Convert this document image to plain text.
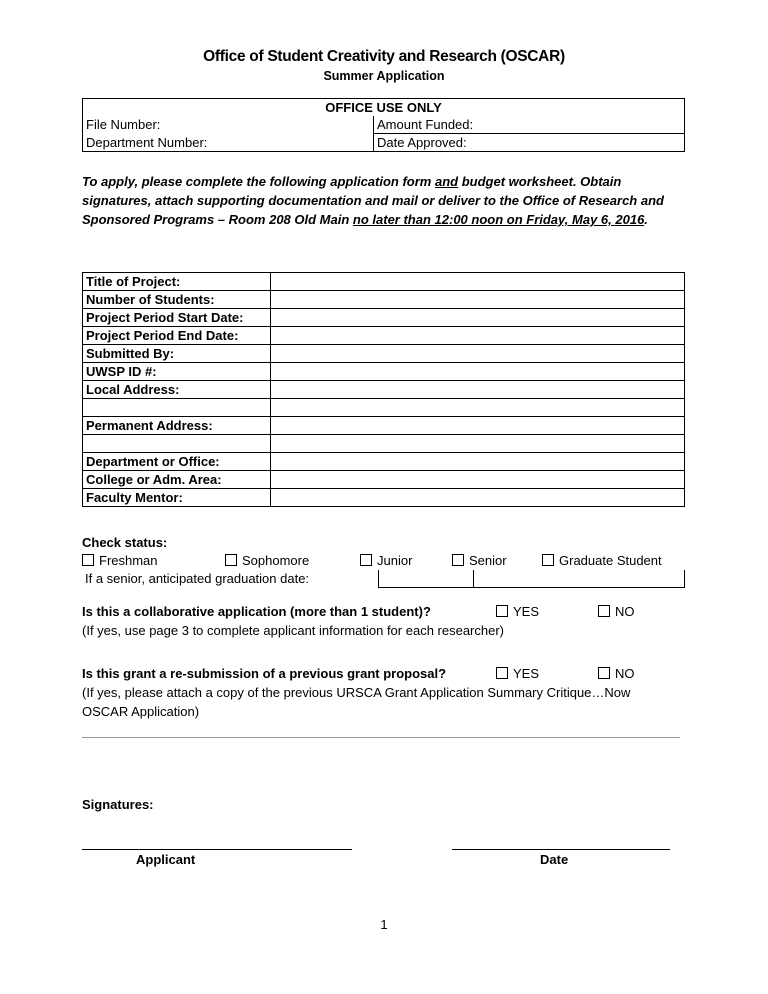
Office of Student Creativity and Research (OSCAR)
Summer Application
OFFICE USE ONLY	
File Number:	Amount Funded:
Department Number:	Date Approved:
To apply, please complete the following application form and budget worksheet. Obtain signatures, attach supporting documentation and mail or deliver to the Office of Research and Sponsored Programs – Room 208 Old Main no later than 12:00 noon on Friday, May 6, 2016.
Title of Project:	
Number of Students:	
Project Period Start Date:	
Project Period End Date:	
Submitted By:	
UWSP ID #:	
Local Address:	

Permanent Address:	

Department or Office:	
College or Adm. Area:	
Faculty Mentor:	
Check status:
Freshman	Sophomore	Junior	Senior	Graduate Student
If a senior, anticipated graduation date:		
Is this a collaborative application (more than 1 student)?	YES	NO
(If yes, use page 3 to complete applicant information for each researcher)
Is this grant a re-submission of a previous grant proposal?	YES	NO
(If yes, please attach a copy of the previous URSCA Grant Application Summary Critique…Now
OSCAR Application)
Signatures:
Applicant	Date
1
